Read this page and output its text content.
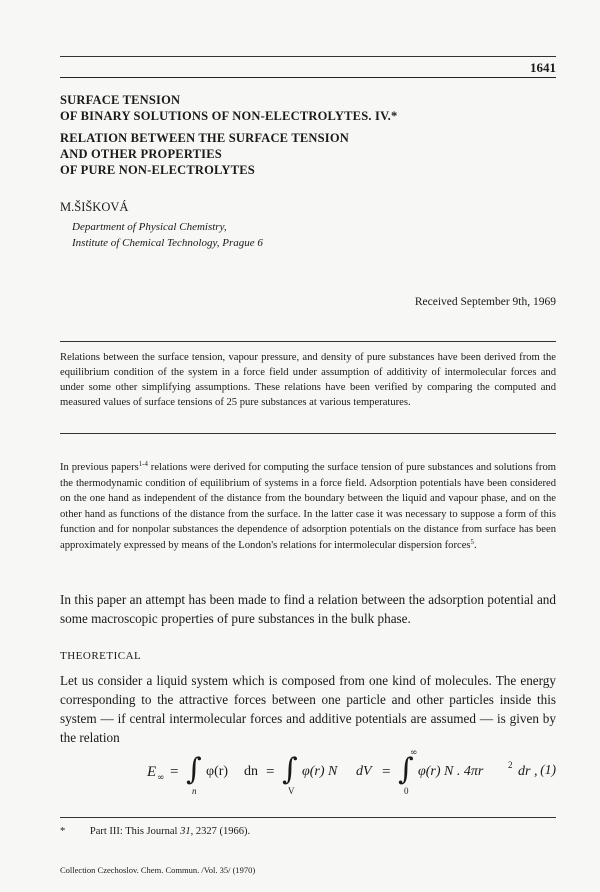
1641
SURFACE TENSION
OF BINARY SOLUTIONS OF NON-ELECTROLYTES. IV.*
RELATION BETWEEN THE SURFACE TENSION
AND OTHER PROPERTIES
OF PURE NON-ELECTROLYTES
M.ŠIŠKOVÁ
Department of Physical Chemistry,
Institute of Chemical Technology, Prague 6
Received September 9th, 1969
Relations between the surface tension, vapour pressure, and density of pure substances have been derived from the equilibrium condition of the system in a force field under assumption of additivity of intermolecular forces and under some other simplifying assumptions. These relations have been verified by comparing the computed and measured values of surface tensions of 25 pure substances at various temperatures.
In previous papers$^{1-4}$ relations were derived for computing the surface tension of pure substances and solutions from the thermodynamic condition of equilibrium of systems in a force field. Adsorption potentials have been considered on the one hand as independent of the distance from the boundary between the liquid and vapour phase, and on the other hand as functions of the distance from the surface. In the latter case it was necessary to suppose a form of this function and for nonpolar substances the dependence of adsorption potentials on the distance from surface has been approximately expressed by means of the London's relations for intermolecular dispersion forces$^5$.
In this paper an attempt has been made to find a relation between the adsorption potential and some macroscopic properties of pure substances in the bulk phase.
THEORETICAL
Let us consider a liquid system which is composed from one kind of molecules. The energy corresponding to the attractive forces between one particle and other particles inside this system — if central intermolecular forces and additive potentials are assumed — is given by the relation
E ∞ = ∫
n
φ(r) dn = ∫
V
φ(r) N dV = ∫
∞
0
φ(r) N . 4πr	2 dr , (1)
* Part III: This Journal 31, 2327 (1966).
Collection Czechoslov. Chem. Commun. /Vol. 35/ (1970)
